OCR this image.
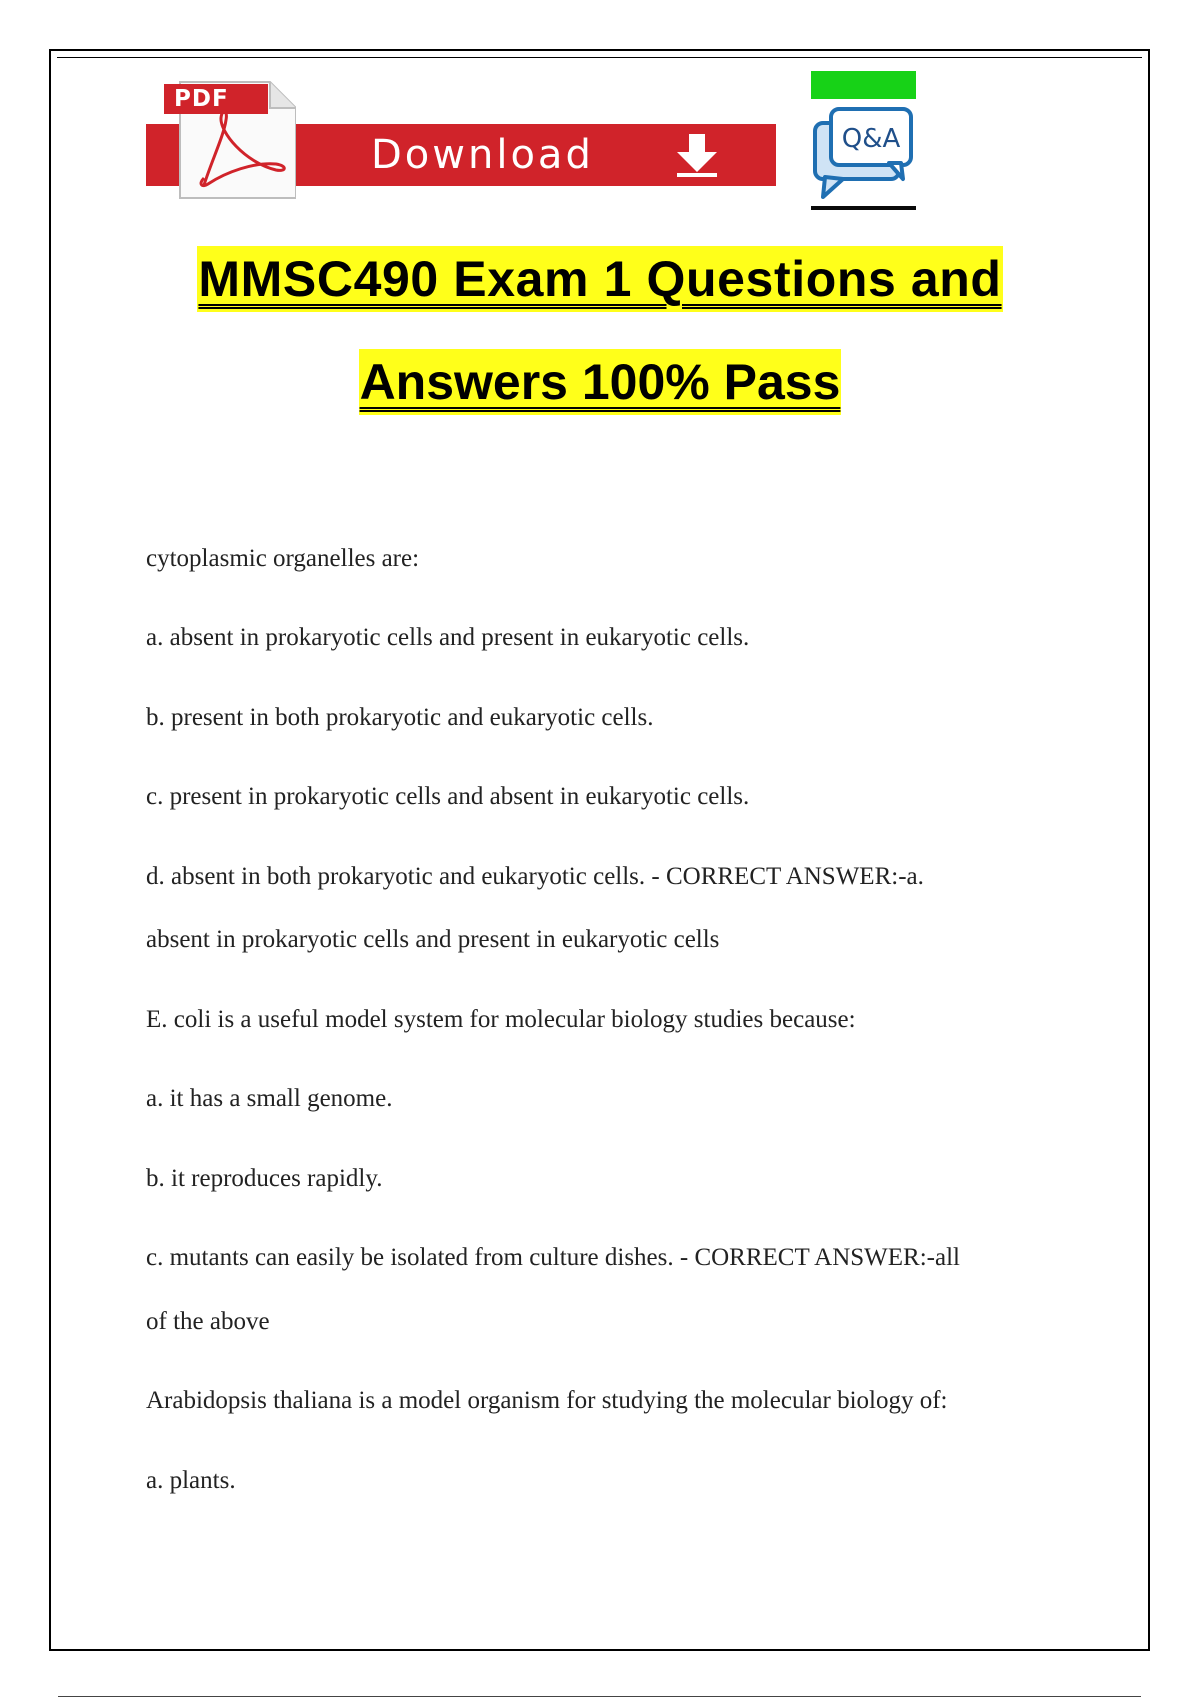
Download
PDF
Q&A
MMSC490 Exam 1 Questions and
Answers 100% Pass
cytoplasmic organelles are:
a. absent in prokaryotic cells and present in eukaryotic cells.
b. present in both prokaryotic and eukaryotic cells.
c. present in prokaryotic cells and absent in eukaryotic cells.
d. absent in both prokaryotic and eukaryotic cells. - CORRECT ANSWER:-a.
absent in prokaryotic cells and present in eukaryotic cells
E. coli is a useful model system for molecular biology studies because:
a. it has a small genome.
b. it reproduces rapidly.
c. mutants can easily be isolated from culture dishes. - CORRECT ANSWER:-all
of the above
Arabidopsis thaliana is a model organism for studying the molecular biology of:
a. plants.
